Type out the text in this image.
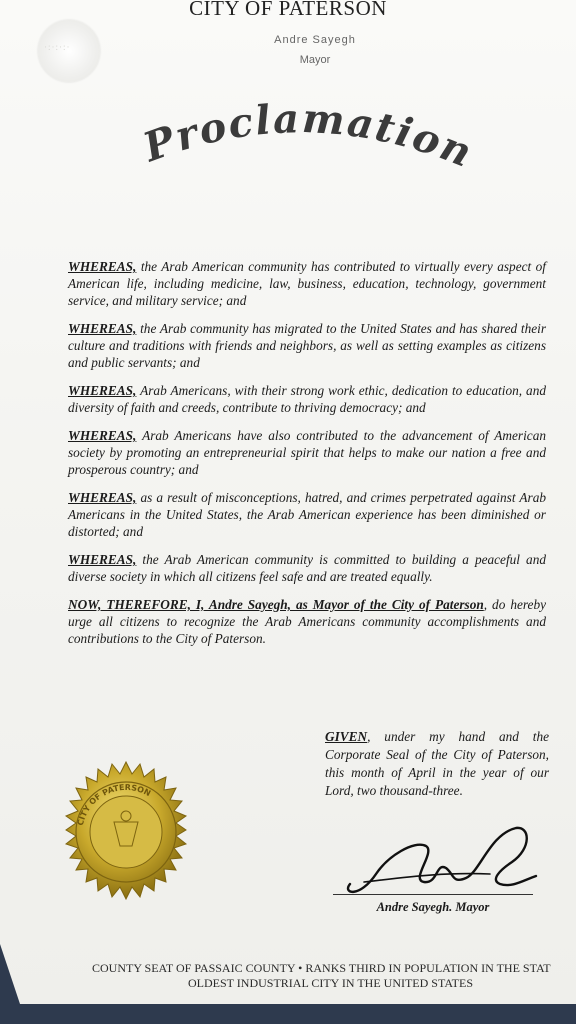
·:·:·:·
CITY OF PATERSON
Andre Sayegh
Mayor
Proclamation

WHEREAS, the Arab American community has contributed to virtually every aspect of American life, including medicine, law, business, education, technology, government service, and military service; and

WHEREAS, the Arab community has migrated to the United States and has shared their culture and traditions with friends and neighbors, as well as setting examples as citizens and public servants; and

WHEREAS, Arab Americans, with their strong work ethic, dedication to education, and diversity of faith and creeds, contribute to thriving democracy; and

WHEREAS, Arab Americans have also contributed to the advancement of American society by promoting an entrepreneurial spirit that helps to make our nation a free and prosperous country; and

WHEREAS, as a result of misconceptions, hatred, and crimes perpetrated against Arab Americans in the United States, the Arab American experience has been diminished or distorted; and

WHEREAS, the Arab American community is committed to building a peaceful and diverse society in which all citizens feel safe and are treated equally.

NOW, THEREFORE, I, Andre Sayegh, as Mayor of the City of Paterson, do hereby urge all citizens to recognize the Arab Americans community accomplishments and contributions to the City of Paterson.

GIVEN, under my hand and the Corporate Seal of the City of Paterson, this month of April in the year of our Lord, two thousand-three.

CITY OF PATERSON
Andre Sayegh. Mayor
COUNTY SEAT OF PASSAIC COUNTY • RANKS THIRD IN POPULATION IN THE STAT
OLDEST INDUSTRIAL CITY IN THE UNITED STATES
